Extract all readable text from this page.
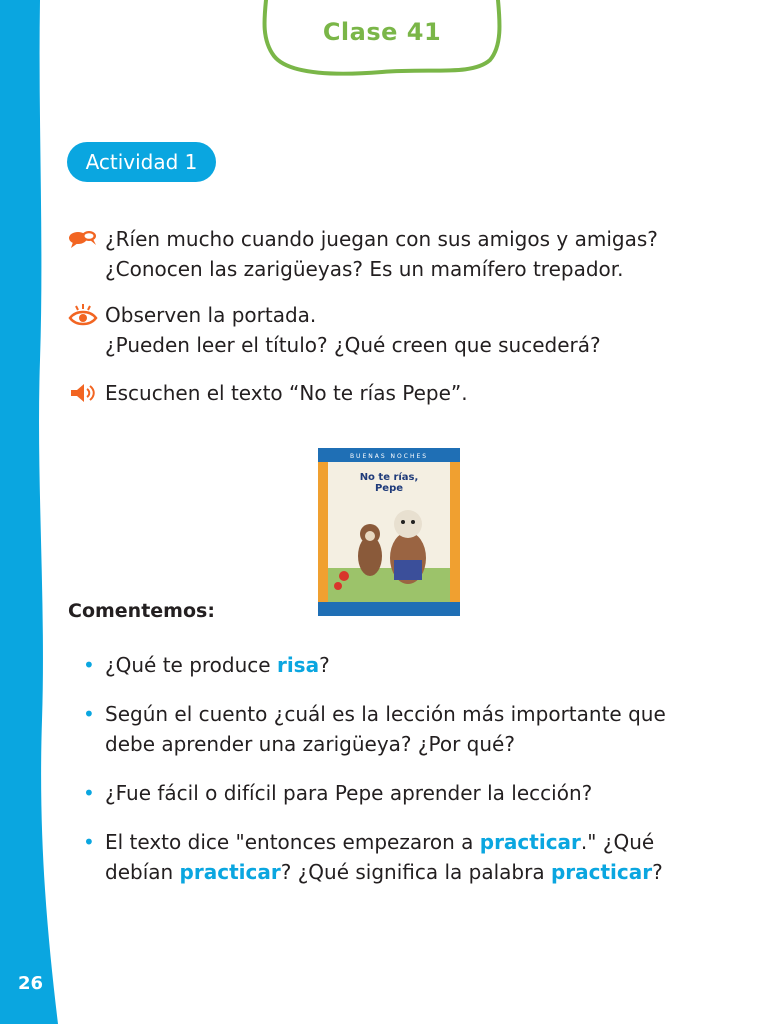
26
Clase 41
Actividad 1
¿Ríen mucho cuando juegan con sus amigos y amigas?
¿Conocen las zarigüeyas? Es un mamífero trepador.
Observen la portada.
¿Pueden leer el título? ¿Qué creen que sucederá?
Escuchen el texto “No te rías Pepe”.
BUENAS NOCHES
No te rías,
Pepe
Comentemos:
• ¿Qué te produce risa?
• Según el cuento ¿cuál es la lección más importante que
debe aprender una zarigüeya? ¿Por qué?
• ¿Fue fácil o difícil para Pepe aprender la lección?
• El texto dice "entonces empezaron a practicar." ¿Qué
debían practicar? ¿Qué significa la palabra practicar?
